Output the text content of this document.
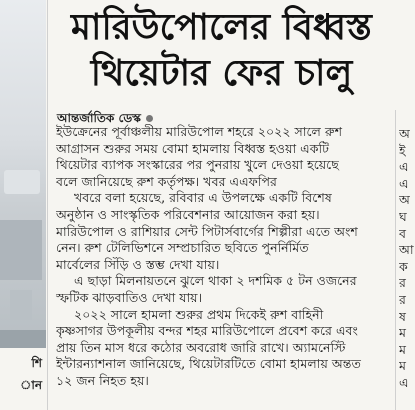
শি
ান
মারিউপোলের বিধ্বস্ত
থিয়েটার ফের চালু
আন্তর্জাতিক ডেস্ক
ইউক্রেনের পূর্বাঞ্চলীয় মারিউপোল শহরে ২০২২ সালে রুশ
আগ্রাসন শুরুর সময় বোমা হামলায় বিধ্বস্ত হওয়া একটি
থিয়েটার ব্যাপক সংস্কারের পর পুনরায় খুলে দেওয়া হয়েছে
বলে জানিয়েছে রুশ কর্তৃপক্ষ। খবর এএফপির
খবরে বলা হয়েছে, রবিবার এ উপলক্ষে একটি বিশেষ
অনুষ্ঠান ও সাংস্কৃতিক পরিবেশনার আয়োজন করা হয়।
মারিউপোল ও রাশিয়ার সেন্ট পিটার্সবার্গের শিল্পীরা এতে অংশ
নেন। রুশ টেলিভিশনে সম্প্রচারিত ছবিতে পুনর্নির্মিত
মার্বেলের সিঁড়ি ও স্তম্ভ দেখা যায়।
এ ছাড়া মিলনায়তনে ঝুলে থাকা ২ দশমিক ৫ টন ওজনের
স্ফটিক ঝাড়বাতিও দেখা যায়।
২০২২ সালে হামলা শুরুর প্রথম দিকেই রুশ বাহিনী
কৃষ্ণসাগর উপকূলীয় বন্দর শহর মারিউপোলে প্রবেশ করে এবং
প্রায় তিন মাস ধরে কঠোর অবরোধ জারি রাখে। অ্যামনেস্টি
ইন্টারন্যাশনাল জানিয়েছে, থিয়েটারটিতে বোমা হামলায় অন্তত
১২ জন নিহত হয়।
অ
ই
এ
এ
অ
ঘ
ব
আ
ক
র
র
ষ
ম
ম
ম
এ
